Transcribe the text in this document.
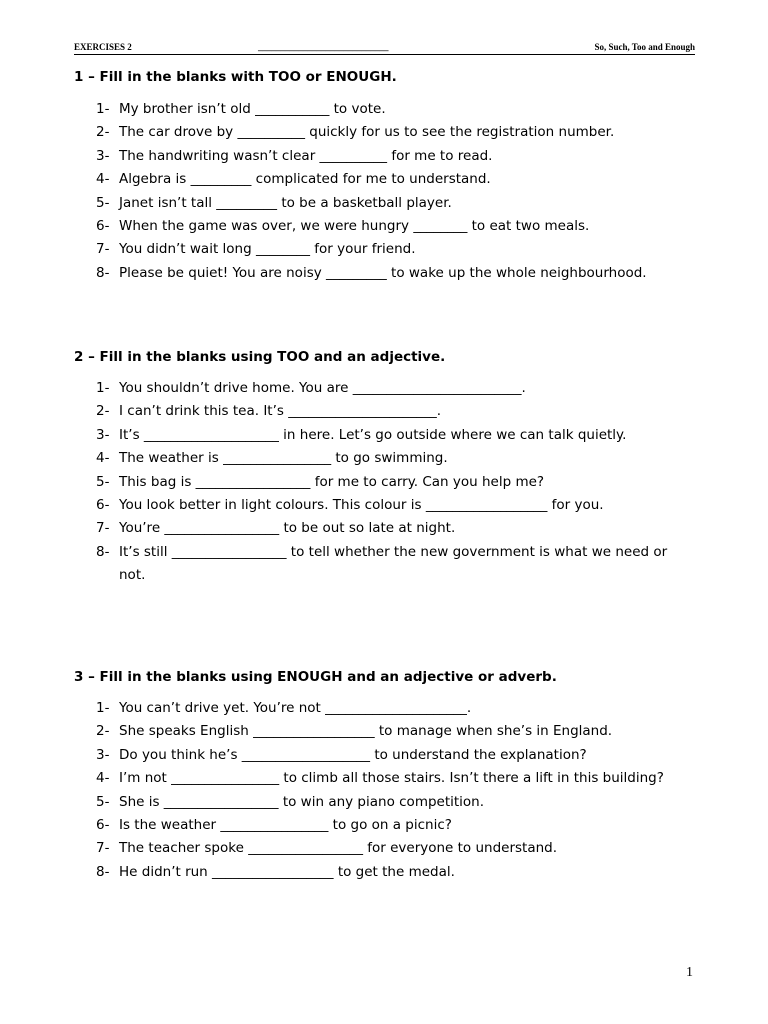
EXERCISES 2	_____________________________	So, Such, Too and Enough
1 – Fill in the blanks with TOO or ENOUGH.
1- My brother isn’t old ___________ to vote.
2- The car drove by __________ quickly for us to see the registration number.
3- The handwriting wasn’t clear __________ for me to read.
4- Algebra is _________ complicated for me to understand.
5- Janet isn’t tall _________ to be a basketball player.
6- When the game was over, we were hungry ________ to eat two meals.
7- You didn’t wait long ________ for your friend.
8- Please be quiet! You are noisy _________ to wake up the whole neighbourhood.
2 – Fill in the blanks using TOO and an adjective.
1- You shouldn’t drive home. You are _________________________.
2- I can’t drink this tea. It’s ______________________.
3- It’s ____________________ in here. Let’s go outside where we can talk quietly.
4- The weather is ________________ to go swimming.
5- This bag is _________________ for me to carry. Can you help me?
6- You look better in light colours. This colour is __________________ for you.
7- You’re _________________ to be out so late at night.
8- It’s still _________________ to tell whether the new government is what we need or not.
3 – Fill in the blanks using ENOUGH and an adjective or adverb.
1- You can’t drive yet. You’re not _____________________.
2- She speaks English __________________ to manage when she’s in England.
3- Do you think he’s ___________________ to understand the explanation?
4- I’m not ________________ to climb all those stairs. Isn’t there a lift in this building?
5- She is _________________ to win any piano competition.
6- Is the weather ________________ to go on a picnic?
7- The teacher spoke _________________ for everyone to understand.
8- He didn’t run __________________ to get the medal.
1
